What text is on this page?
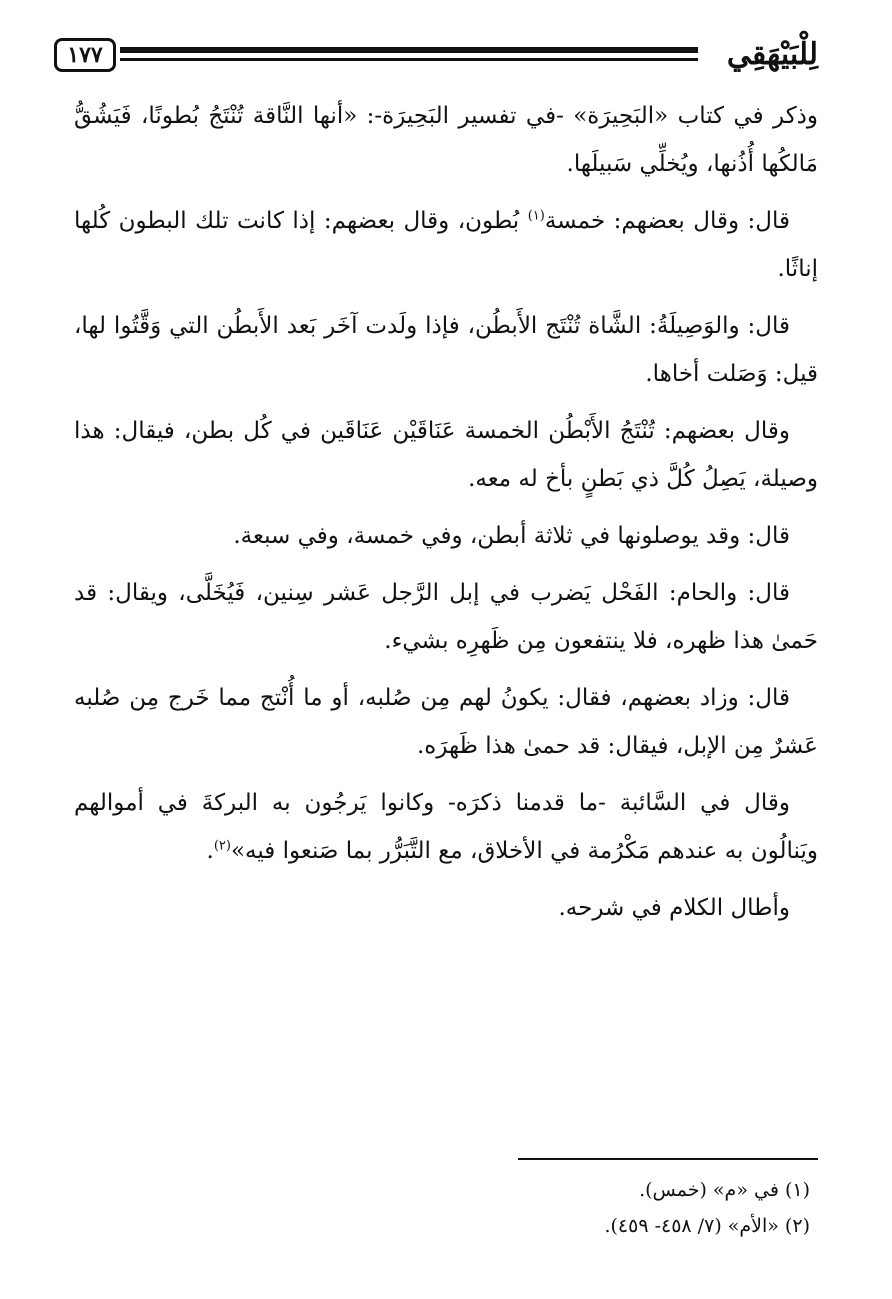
١٧٧	لِلْبَيْهَقِي

وذكر في كتاب «البَحِيرَة» -في تفسير البَحِيرَة-: «أنها النَّاقة تُنْتَجُ بُطونًا، فَيَشُقُّ مَالكُها أُذُنها، ويُخلِّي سَبيلَها.

قال: وقال بعضهم: خمسة$^{(١)}$ بُطون، وقال بعضهم: إذا كانت تلك البطون كُلها إناثًا.

قال: والوَصِيلَةُ: الشَّاة تُنْتَج الأَبطُن، فإذا ولَدت آخَر بَعد الأَبطُن التي وَقَّتُوا لها، قيل: وَصَلت أخاها.

وقال بعضهم: تُنْتَجُ الأَبْطُن الخمسة عَنَاقَيْن عَنَاقَين في كُل بطن، فيقال: هذا وصيلة، يَصِلُ كُلَّ ذي بَطنٍ بأخ له معه.

قال: وقد يوصلونها في ثلاثة أبطن، وفي خمسة، وفي سبعة.

قال: والحام: الفَحْل يَضرب في إبل الرَّجل عَشر سِنين، فَيُخَلَّى، ويقال: قد حَمىٰ هذا ظهره، فلا ينتفعون مِن ظَهرِه بشيء.

قال: وزاد بعضهم، فقال: يكونُ لهم مِن صُلبه، أو ما أُنْتج مما خَرج مِن صُلبه عَشرٌ مِن الإبل، فيقال: قد حمىٰ هذا ظَهرَه.

وقال في السَّائبة -ما قدمنا ذكرَه- وكانوا يَرجُون به البركةَ في أموالهم ويَنالُون به عندهم مَكْرُمة في الأخلاق، مع التَّبَرُّر بما صَنعوا فيه»$^{(٢)}$.

وأطال الكلام في شرحه.

(١) في «م» (خمس).

(٢) «الأم» (٧/ ٤٥٨- ٤٥٩).
